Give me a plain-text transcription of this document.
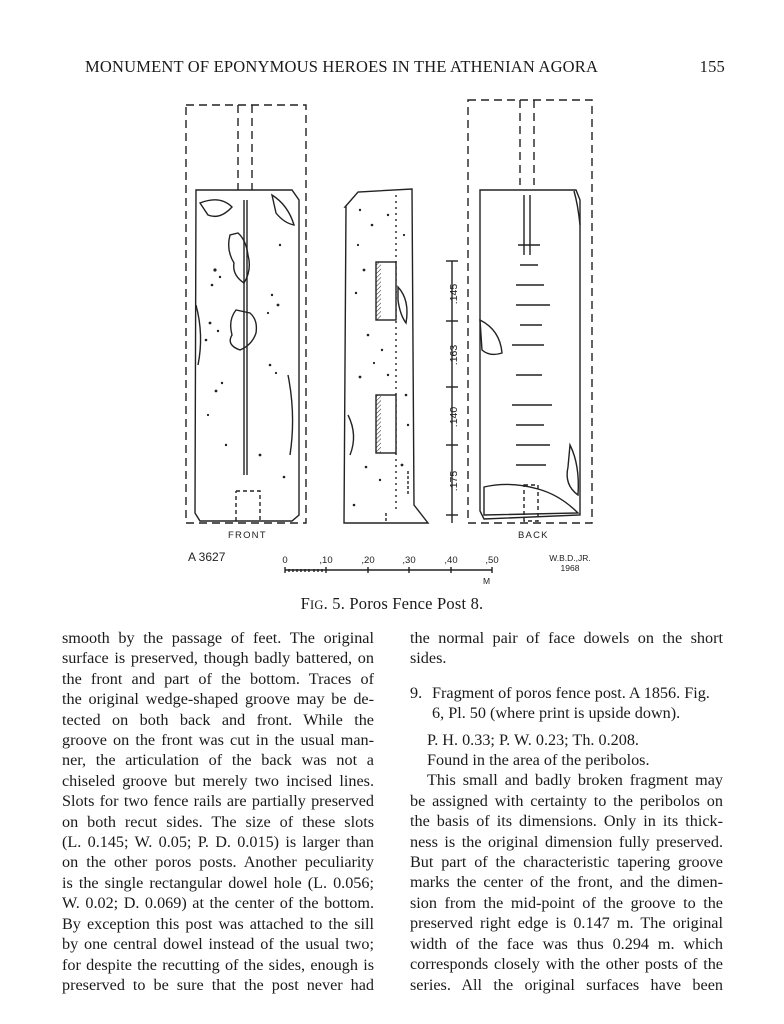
MONUMENT OF EPONYMOUS HEROES IN THE ATHENIAN AGORA	155
FRONT
.145
.163
.140
.175
BACK
0	,10	,20	,30	,40	,50
M
A 3627	W.B.D.,JR.
1968
FIG. 5. Poros Fence Post 8.
smooth by the passage of feet. The original
surface is preserved, though badly battered, on
the front and part of the bottom. Traces of
the original wedge-shaped groove may be de-
tected on both back and front. While the
groove on the front was cut in the usual man-
ner, the articulation of the back was not a
chiseled groove but merely two incised lines.
Slots for two fence rails are partially preserved
on both recut sides. The size of these slots
(L. 0.145; W. 0.05; P. D. 0.015) is larger than
on the other poros posts. Another peculiarity
is the single rectangular dowel hole (L. 0.056;
W. 0.02; D. 0.069) at the center of the bottom.
By exception this post was attached to the sill
by one central dowel instead of the usual two;
for despite the recutting of the sides, enough is
preserved to be sure that the post never had
the normal pair of face dowels on the short
sides.
9. Fragment of poros fence post. A 1856. Fig.
6, Pl. 50 (where print is upside down).
P. H. 0.33; P. W. 0.23; Th. 0.208.
Found in the area of the peribolos.
This small and badly broken fragment may
be assigned with certainty to the peribolos on
the basis of its dimensions. Only in its thick-
ness is the original dimension fully preserved.
But part of the characteristic tapering groove
marks the center of the front, and the dimen-
sion from the mid-point of the groove to the
preserved right edge is 0.147 m. The original
width of the face was thus 0.294 m. which
corresponds closely with the other posts of the
series. All the original surfaces have been
